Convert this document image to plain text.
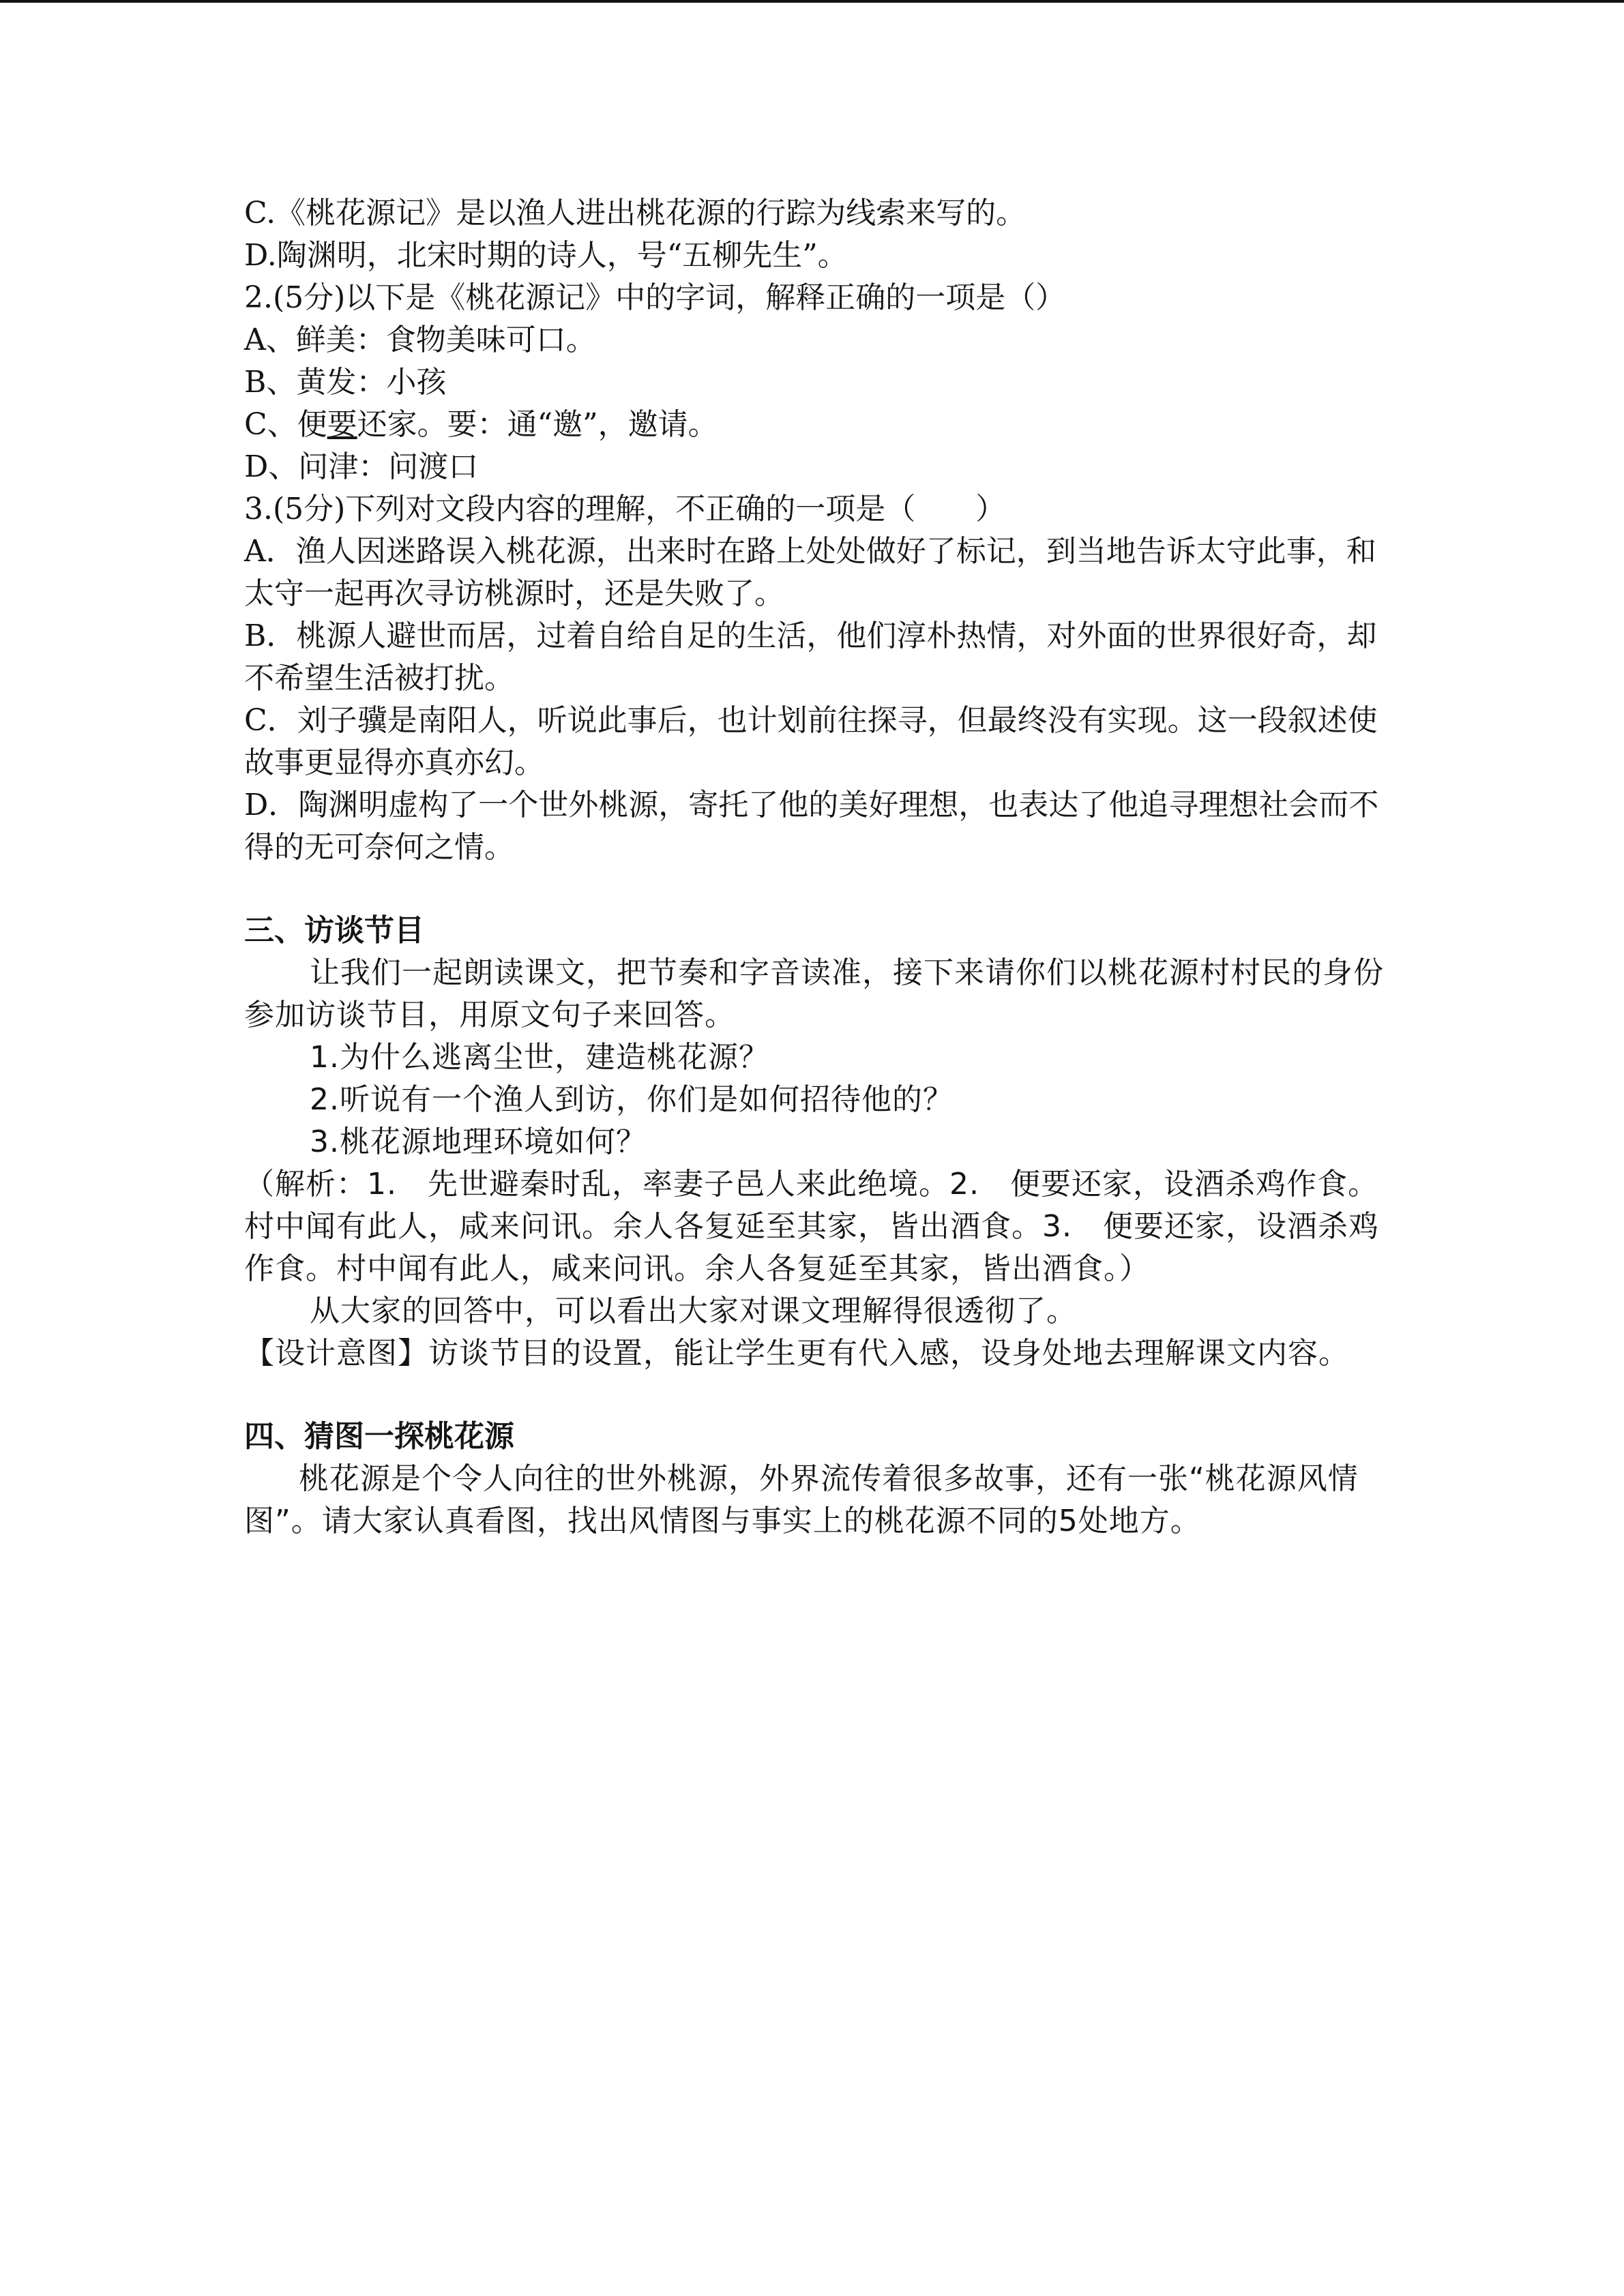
C.《桃花源记》是以渔人进出桃花源的行踪为线索来写的。
D.陶渊明，北宋时期的诗人，号“五柳先生”。
2.(5分)以下是《桃花源记》中的字词，解释正确的一项是（）
A、鲜美：食物美味可口。
B、黄发：小孩
C、便要还家。要：通“邀”，邀请。
D、问津：问渡口
3.(5分)下列对文段内容的理解，不正确的一项是（　　）

A．渔人因迷路误入桃花源，出来时在路上处处做好了标记，到当地告诉太守此事，和太守一起再次寻访桃源时，还是失败了。

B．桃源人避世而居，过着自给自足的生活，他们淳朴热情，对外面的世界很好奇，却不希望生活被打扰。

C．刘子骥是南阳人，听说此事后，也计划前往探寻，但最终没有实现。这一段叙述使故事更显得亦真亦幻。

D．陶渊明虚构了一个世外桃源，寄托了他的美好理想，也表达了他追寻理想社会而不得的无可奈何之情。

三、访谈节目

让我们一起朗读课文，把节奏和字音读准，接下来请你们以桃花源村村民的身份参加访谈节目，用原文句子来回答。

1.为什么逃离尘世，建造桃花源？
2.听说有一个渔人到访，你们是如何招待他的？
3.桃花源地理环境如何？

（解析：1.　先世避秦时乱，率妻子邑人来此绝境。2.　便要还家，设酒杀鸡作食。村中闻有此人，咸来问讯。余人各复延至其家，皆出酒食。3.　便要还家，设酒杀鸡作食。村中闻有此人，咸来问讯。余人各复延至其家，皆出酒食。）

从大家的回答中，可以看出大家对课文理解得很透彻了。

【设计意图】访谈节目的设置，能让学生更有代入感，设身处地去理解课文内容。

四、猜图一探桃花源

桃花源是个令人向往的世外桃源，外界流传着很多故事，还有一张“桃花源风情图”。请大家认真看图，找出风情图与事实上的桃花源不同的5处地方。
